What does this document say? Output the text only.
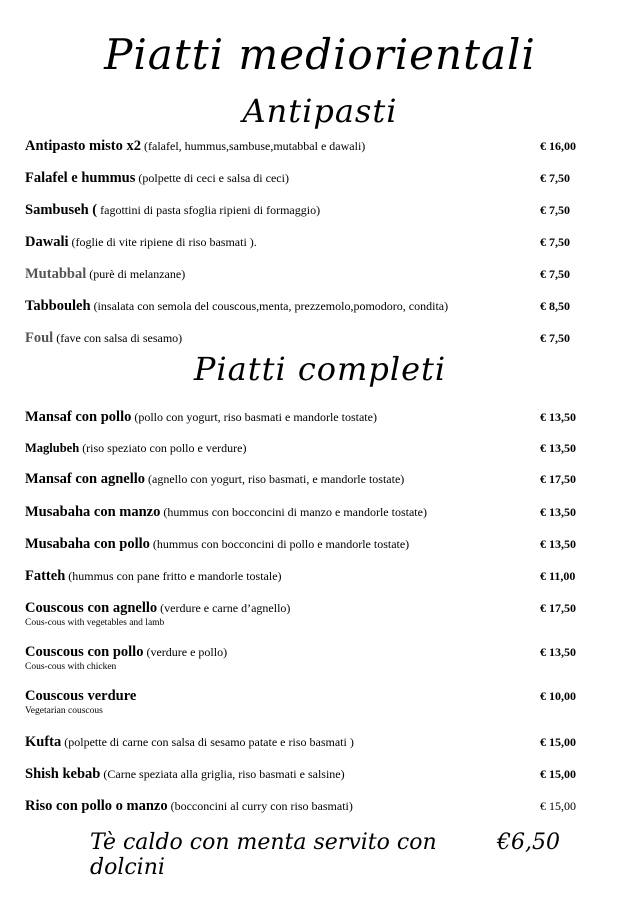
Piatti mediorientali
Antipasti
Antipasto misto x2 (falafel, hummus,sambuse,mutabbal e dawali)	€ 16,00
Falafel e hummus (polpette di ceci e salsa di ceci)	€ 7,50
Sambuseh ( fagottini di pasta sfoglia ripieni di formaggio)	€ 7,50
Dawali (foglie di vite ripiene di riso basmati ).	€ 7,50
Mutabbal (purè di melanzane)	€ 7,50
Tabbouleh (insalata con semola del couscous,menta, prezzemolo,pomodoro, condita)	€ 8,50
Foul (fave con salsa di sesamo)	€ 7,50
Piatti completi
Mansaf con pollo (pollo con yogurt, riso basmati e mandorle tostate)	€ 13,50
Maglubeh (riso speziato con pollo e verdure)	€ 13,50
Mansaf con agnello (agnello con yogurt, riso basmati, e mandorle tostate)	€ 17,50
Musabaha con manzo (hummus con bocconcini di manzo e mandorle tostate)	€ 13,50
Musabaha con pollo (hummus con bocconcini di pollo e mandorle tostate)	€ 13,50
Fatteh (hummus con pane fritto e mandorle tostale)	€ 11,00
Couscous con agnello (verdure e carne d’agnello)	€ 17,50
Cous-cous with vegetables and lamb
Couscous con pollo (verdure e pollo)	€ 13,50
Cous-cous with chicken
Couscous verdure	€ 10,00
Vegetarian couscous
Kufta (polpette di carne con salsa di sesamo patate e riso basmati )	€ 15,00
Shish kebab (Carne speziata alla griglia, riso basmati e salsine)	€ 15,00
Riso con pollo o manzo (bocconcini al curry con riso basmati)	€ 15,00
Tè caldo con menta servito con dolcini
€6,50
